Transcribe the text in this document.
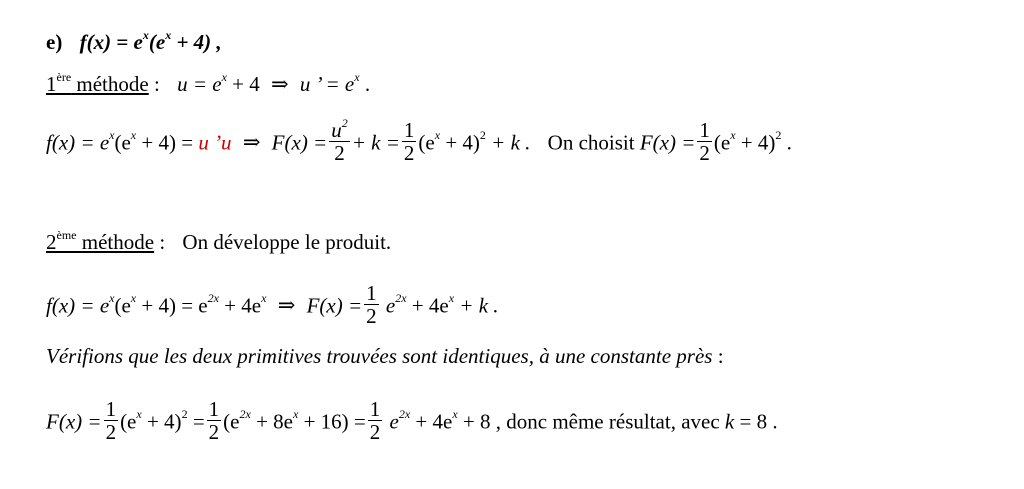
e) $f(x) = e^x(e^x + 4)$ ,
1ère méthode : $u = e^x + 4$ ⇒ u ’ = $e^x$ .
$f(x) = e^x(e^x + 4) = u$ ’u ⇒ $F(x) = \frac{u^2}{2} + k = \frac{1}{2} (e^x + 4)^2 + k$ . On choisit $F(x) = \frac{1}{2} (e^x + 4)^2$ .
2ème méthode : On développe le produit.
$f(x) = e^x(e^x + 4) = e^{2x} + 4e^x$ ⇒ $F(x) = \frac{1}{2} e^{2x} + 4e^x + k$ .
Vérifions que les deux primitives trouvées sont identiques, à une constante près :
$F(x) = \frac{1}{2} (e^x + 4)^2 = \frac{1}{2} (e^{2x} + 8e^x + 16) = \frac{1}{2} e^{2x} + 4e^x + 8$ , donc même résultat, avec k = 8 .
